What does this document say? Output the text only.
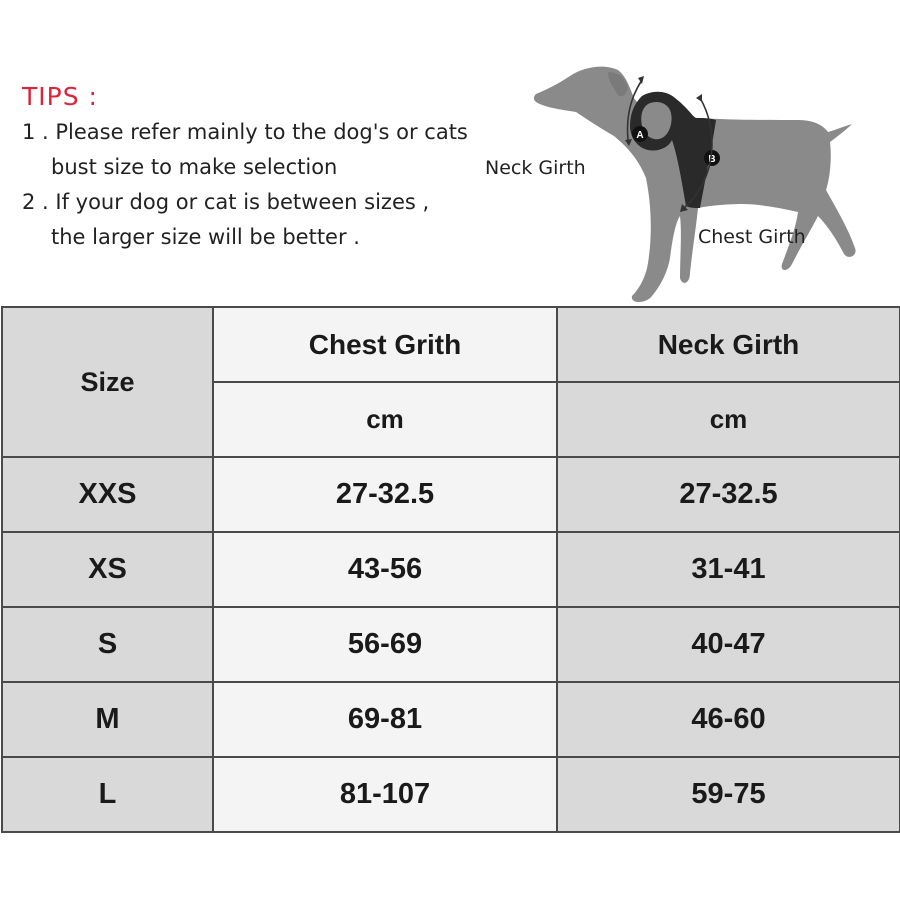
TIPS :
1 . Please refer mainly to the dog's or cats
bust size to make selection
2 . If your dog or cat is between sizes ,
the larger size will be better .
Neck Girth
A
B
Chest Girth
Size	Chest Grith	Neck Girth
	cm	cm
XXS	27-32.5	27-32.5
XS	43-56	31-41
S	56-69	40-47
M	69-81	46-60
L	81-107	59-75
